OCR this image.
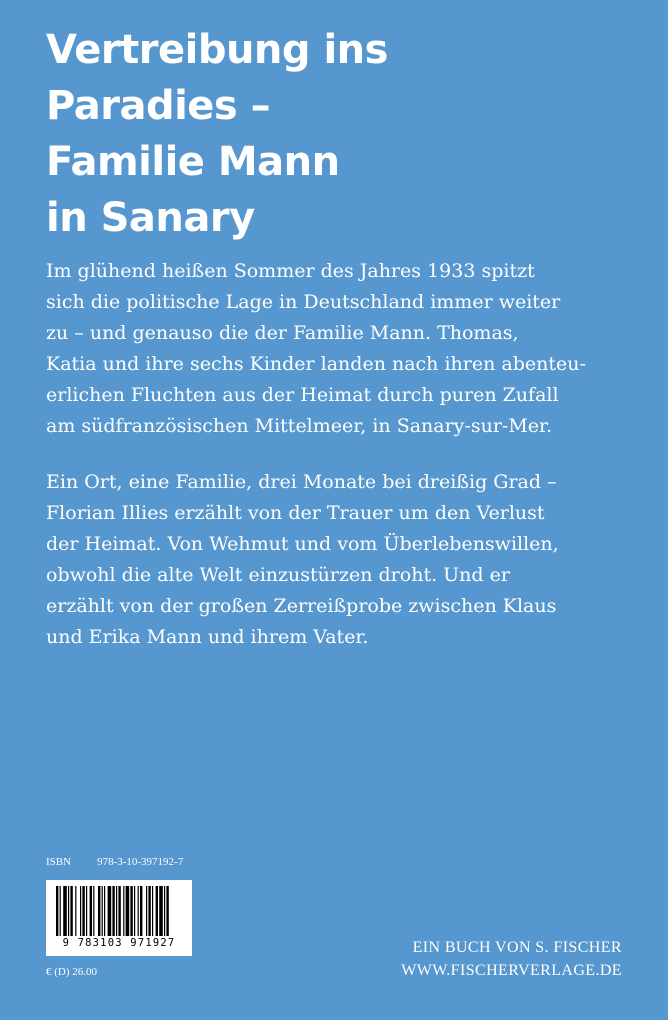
Vertreibung ins
Paradies –
Familie Mann
in Sanary
Im glühend heißen Sommer des Jahres 1933 spitzt
sich die politische Lage in Deutschland immer weiter
zu – und genauso die der Familie Mann. Thomas,
Katia und ihre sechs Kinder landen nach ihren abenteu-
erlichen Fluchten aus der Heimat durch puren Zufall
am südfranzösischen Mittelmeer, in Sanary-sur-Mer.
Ein Ort, eine Familie, drei Monate bei dreißig Grad –
Florian Illies erzählt von der Trauer um den Verlust
der Heimat. Von Wehmut und vom Überlebenswillen,
obwohl die alte Welt einzustürzen droht. Und er
erzählt von der großen Zerreißprobe zwischen Klaus
und Erika Mann und ihrem Vater.
ISBN 978-3-10-397192-7
9 783103 971927
€ (D) 26.00
EIN BUCH VON S. FISCHER
WWW.FISCHERVERLAGE.DE
